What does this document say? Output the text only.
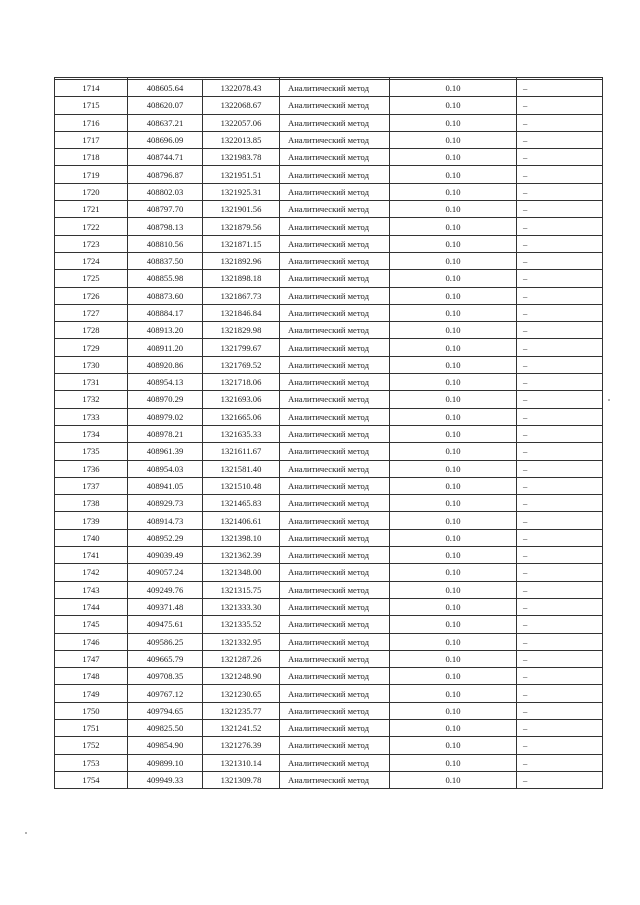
	Координаты, м			Средняя квадратическая	Описание
1714	408605.64	1322078.43	Аналитический метод	0.10	–
1715	408620.07	1322068.67	Аналитический метод	0.10	–
1716	408637.21	1322057.06	Аналитический метод	0.10	–
1717	408696.09	1322013.85	Аналитический метод	0.10	–
1718	408744.71	1321983.78	Аналитический метод	0.10	–
1719	408796.87	1321951.51	Аналитический метод	0.10	–
1720	408802.03	1321925.31	Аналитический метод	0.10	–
1721	408797.70	1321901.56	Аналитический метод	0.10	–
1722	408798.13	1321879.56	Аналитический метод	0.10	–
1723	408810.56	1321871.15	Аналитический метод	0.10	–
1724	408837.50	1321892.96	Аналитический метод	0.10	–
1725	408855.98	1321898.18	Аналитический метод	0.10	–
1726	408873.60	1321867.73	Аналитический метод	0.10	–
1727	408884.17	1321846.84	Аналитический метод	0.10	–
1728	408913.20	1321829.98	Аналитический метод	0.10	–
1729	408911.20	1321799.67	Аналитический метод	0.10	–
1730	408920.86	1321769.52	Аналитический метод	0.10	–
1731	408954.13	1321718.06	Аналитический метод	0.10	–
1732	408970.29	1321693.06	Аналитический метод	0.10	–
1733	408979.02	1321665.06	Аналитический метод	0.10	–
1734	408978.21	1321635.33	Аналитический метод	0.10	–
1735	408961.39	1321611.67	Аналитический метод	0.10	–
1736	408954.03	1321581.40	Аналитический метод	0.10	–
1737	408941.05	1321510.48	Аналитический метод	0.10	–
1738	408929.73	1321465.83	Аналитический метод	0.10	–
1739	408914.73	1321406.61	Аналитический метод	0.10	–
1740	408952.29	1321398.10	Аналитический метод	0.10	–
1741	409039.49	1321362.39	Аналитический метод	0.10	–
1742	409057.24	1321348.00	Аналитический метод	0.10	–
1743	409249.76	1321315.75	Аналитический метод	0.10	–
1744	409371.48	1321333.30	Аналитический метод	0.10	–
1745	409475.61	1321335.52	Аналитический метод	0.10	–
1746	409586.25	1321332.95	Аналитический метод	0.10	–
1747	409665.79	1321287.26	Аналитический метод	0.10	–
1748	409708.35	1321248.90	Аналитический метод	0.10	–
1749	409767.12	1321230.65	Аналитический метод	0.10	–
1750	409794.65	1321235.77	Аналитический метод	0.10	–
1751	409825.50	1321241.52	Аналитический метод	0.10	–
1752	409854.90	1321276.39	Аналитический метод	0.10	–
1753	409899.10	1321310.14	Аналитический метод	0.10	–
1754	409949.33	1321309.78	Аналитический метод	0.10	–
